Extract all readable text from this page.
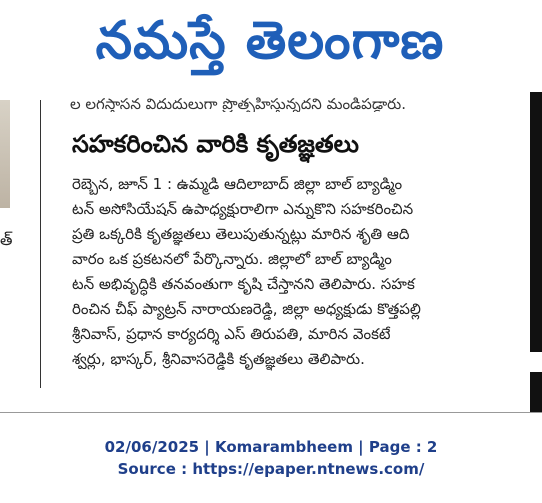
నమస్తే తెలంగాణ
త్
ల లగస్తాసన విదుదులుగా ప్రొత్సహిస్తున్నదని మండిపడ్డారు.
సహకరించిన వారికి కృతజ్ఞతలు
రెబ్బెన, జూన్ 1 : ఉమ్మడి ఆదిలాబాద్ జిల్లా బాల్ బ్యాడ్మిం
టన్ అసోసియేషన్ ఉపాధ్యక్షురాలిగా ఎన్నుకొని సహకరించిన
ప్రతి ఒక్కరికి కృతజ్ఞతలు తెలుపుతున్నట్లు మారిన శృతి ఆది
వారం ఒక ప్రకటనలో పేర్కొన్నారు. జిల్లాలో బాల్ బ్యాడ్మిం
టన్ అభివృద్ధికి తనవంతుగా కృషి చేస్తానని తెలిపారు. సహక
రించిన చీఫ్ ప్యాట్రన్ నారాయణరెడ్డి, జిల్లా అధ్యక్షుడు కొత్తపల్లి
శ్రీనివాస్, ప్రధాన కార్యదర్శి ఎస్ తిరుపతి, మారిన వెంకటే
శ్వర్లు, భాస్కర్, శ్రీనివాసరెడ్డికి కృతజ్ఞతలు తెలిపారు.
02/06/2025 | Komarambheem | Page : 2
Source : https://epaper.ntnews.com/
